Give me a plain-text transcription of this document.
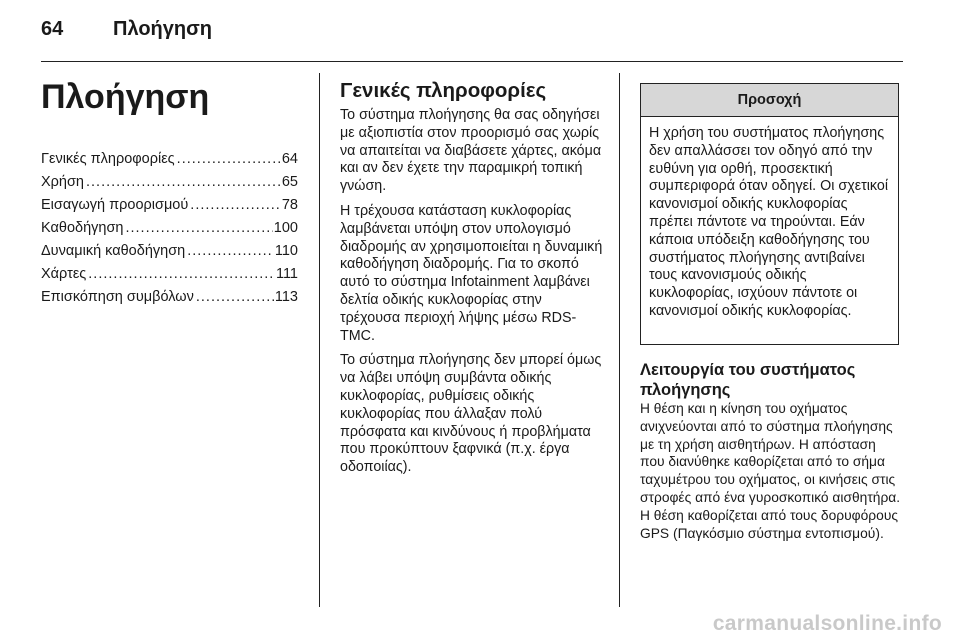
64 Πλοήγηση
Πλοήγηση
Γενικές πληροφορίες .....	64
Χρήση .....	65
Εισαγωγή προορισμού .....	78
Καθοδήγηση .....	100
Δυναμική καθοδήγηση .....	110
Χάρτες .....	111
Επισκόπηση συμβόλων .....	113
Γενικές πληροφορίες

Το σύστημα πλοήγησης θα σας οδηγήσει με αξιοπιστία στον προορισμό σας χωρίς να απαιτείται να διαβάσετε χάρτες, ακόμα και αν δεν έχετε την παραμικρή τοπική γνώση.

Η τρέχουσα κατάσταση κυκλοφορίας λαμβάνεται υπόψη στον υπολογισμό διαδρομής αν χρησιμοποιείται η δυναμική καθοδήγηση διαδρομής. Για το σκοπό αυτό το σύστημα Infotainment λαμβάνει δελτία οδικής κυκλοφορίας στην τρέχουσα περιοχή λήψης μέσω RDS-TMC.

Το σύστημα πλοήγησης δεν μπορεί όμως να λάβει υπόψη συμβάντα οδικής κυκλοφορίας, ρυθμίσεις οδικής κυκλοφορίας που άλλαξαν πολύ πρόσφατα και κινδύνους ή προβλήματα που προκύπτουν ξαφνικά (π.χ. έργα οδοποιίας).

Προσοχή

Η χρήση του συστήματος πλοήγησης δεν απαλλάσσει τον οδηγό από την ευθύνη για ορθή, προσεκτική συμπεριφορά όταν οδηγεί. Οι σχετικοί κανονισμοί οδικής κυκλοφορίας πρέπει πάντοτε να τηρούνται. Εάν κάποια υπόδειξη καθοδήγησης του συστήματος πλοήγησης αντιβαίνει τους κανονισμούς οδικής κυκλοφορίας, ισχύουν πάντοτε οι κανονισμοί οδικής κυκλοφορίας.

Λειτουργία του συστήματος πλοήγησης

Η θέση και η κίνηση του οχήματος ανιχνεύονται από το σύστημα πλοήγησης με τη χρήση αισθητήρων. Η απόσταση που διανύθηκε καθορίζεται από το σήμα ταχυμέτρου του οχήματος, οι κινήσεις στις στροφές από ένα γυροσκοπικό αισθητήρα. Η θέση καθορίζεται από τους δορυφόρους GPS (Παγκόσμιο σύστημα εντοπισμού).

carmanualsonline.info
